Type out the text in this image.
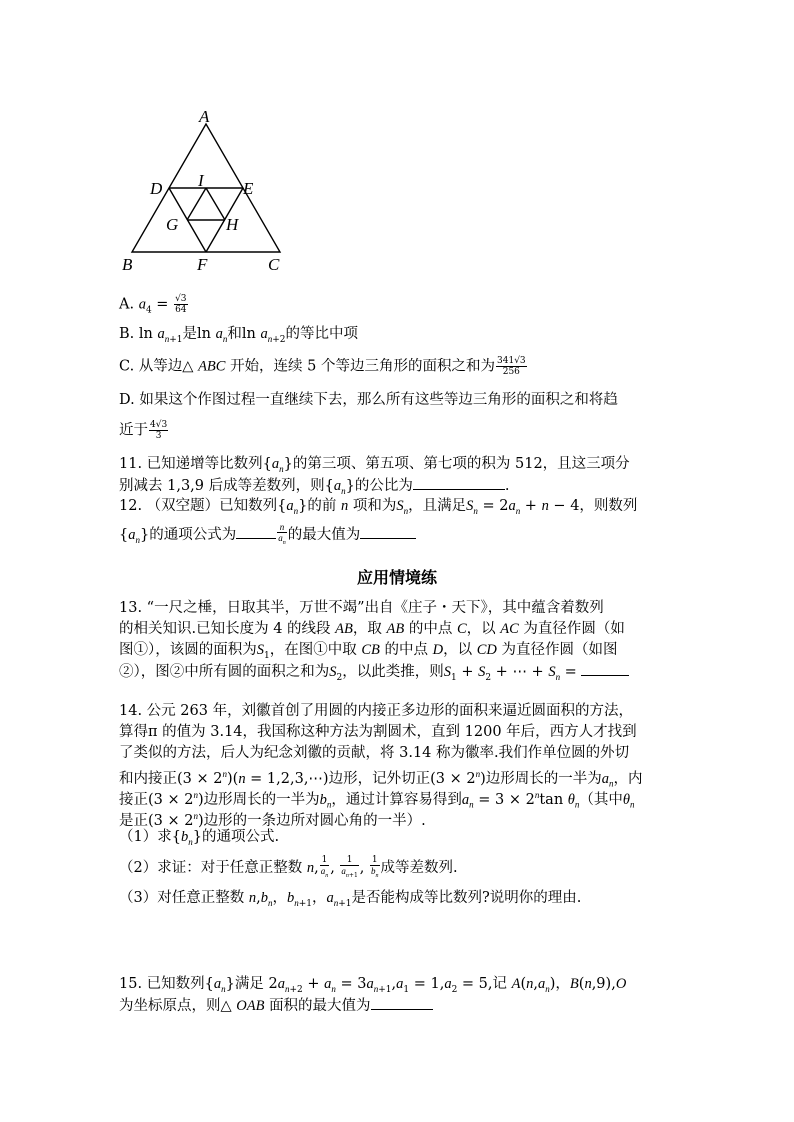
A
D I E
G	H
B	F	C
A. $a_4 = \frac{√3}{64}$
B. $\ln a_{n+1}$是$\ln a_n$和$\ln a_{n+2}$的等比中项
C. 从等边△ ABC 开始，连续 5 个等边三角形的面积之和为 $\frac{341√3}{256}$
D. 如果这个作图过程一直继续下去，那么所有这些等边三角形的面积之和将趋
近于 $\frac{4√3}{3}$
11. 已知递增等比数列$\{a_n\}$的第三项、第五项、第七项的积为 512，且这三项分
别减去 1,3,9 后成等差数列，则$\{a_n\}$的公比为	.
12. （双空题）已知数列$\{a_n\}$的前 n 项和为$S_n$，且满足$S_n = 2a_n + n - 4$，则数列
$\{a_n\}$的通项公式为	$\frac{n}{a_n}$ 的最大值为
应用情境练
13. “一尺之棰，日取其半，万世不竭”出自《庄子・天下》，其中蕴含着数列
的相关知识.已知长度为 4 的线段 AB，取 AB 的中点 C，以 AC 为直径作圆（如
图①），该圆的面积为$S_1$，在图①中取 CB 的中点 D，以 CD 为直径作圆（如图
②），图②中所有圆的面积之和为$S_2$，以此类推，则$S_1 + S_2$ + ⋯ + $S_n$ =
14. 公元 263 年，刘徽首创了用圆的内接正多边形的面积来逼近圆面积的方法，
算得π 的值为 3.14，我国称这种方法为割圆术，直到 1200 年后，西方人才找到
了类似的方法，后人为纪念刘徽的贡献，将 3.14 称为徽率.我们作单位圆的外切
和内接正$(3 \times 2^n)(n$ = 1,2,3,⋯)边形，记外切正$(3 \times 2^n)$边形周长的一半为$a_n$，内
接正$(3 \times 2^n)$边形周长的一半为$b_n$，通过计算容易得到$a_n = 3 \times 2^n\tan$ $\theta_n$（其中$\theta_n$
是正$(3 \times 2^n)$边形的一条边所对圆心角的一半）.
（1）求$\{b_n\}$的通项公式.
（2）求证：对于任意正整数 n, $\frac{1}{a_n}$ , $\frac{1}{a_{n+1}}$ , $\frac{1}{b_n}$ 成等差数列.
（3）对任意正整数 $n,b_n$，$b_{n+1}$，$a_{n+1}$是否能构成等比数列?说明你的理由.
15. 已知数列$\{a_n\}$满足 $2a_{n+2} + a_n = 3a_{n+1},a_1 = 1,a_2 = 5$,记 $A(n,a_n)$，B(n,9),O
为坐标原点，则△ OAB 面积的最大值为
